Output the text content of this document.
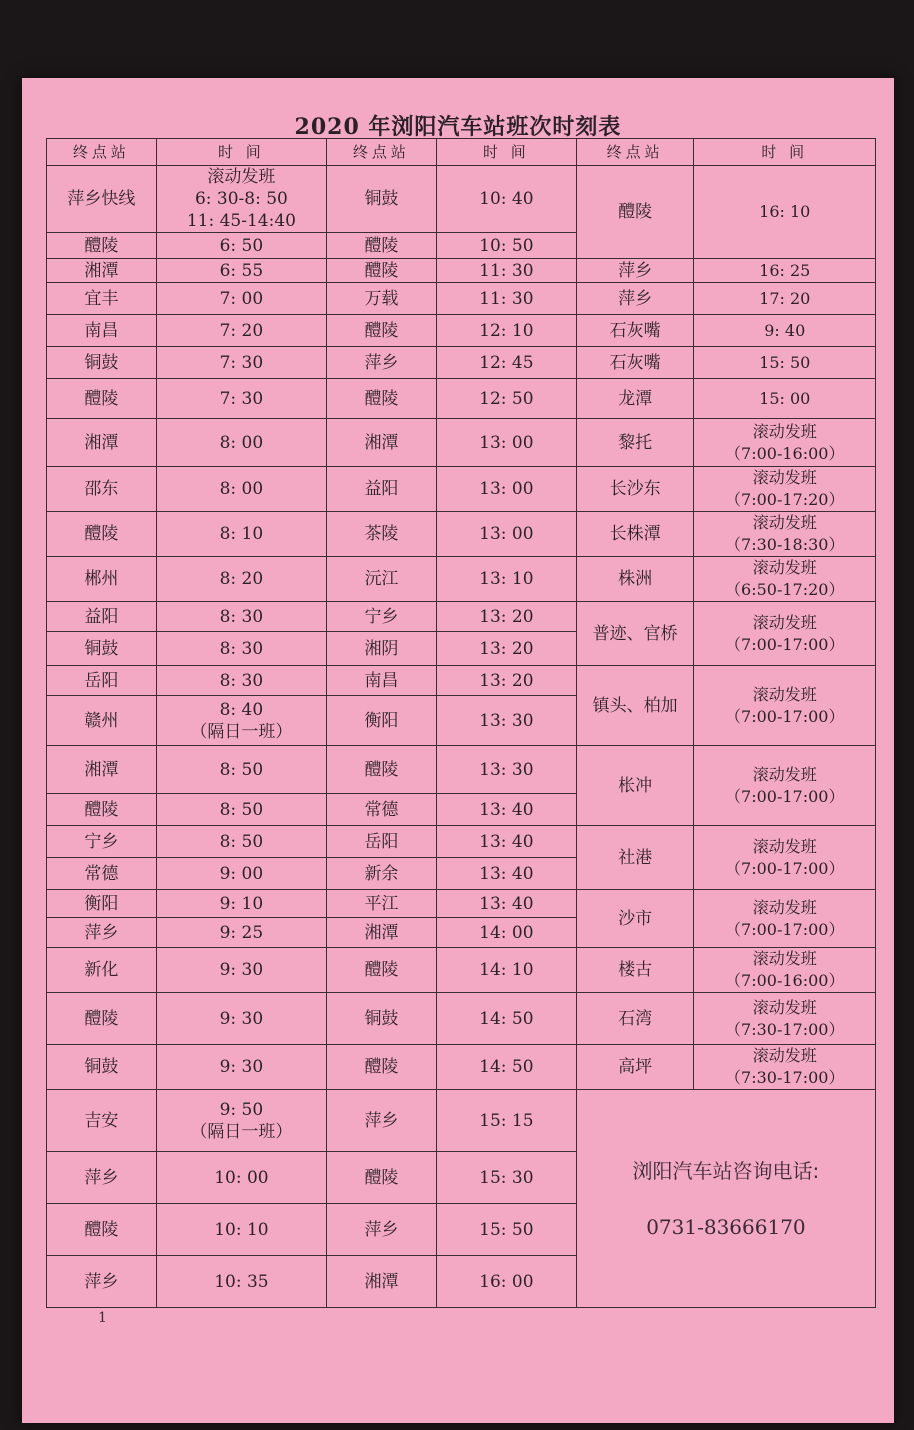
2020 年浏阳汽车站班次时刻表
终点站	时 间	终点站	时 间	终点站	时 间
萍乡快线	滚动发班
6: 30-8: 50
11: 45-14:40	铜鼓	10: 40	醴陵	16: 10
醴陵	6: 50	醴陵	10: 50		
湘潭	6: 55	醴陵	11: 30	萍乡	16: 25
宜丰	7: 00	万载	11: 30	萍乡	17: 20
南昌	7: 20	醴陵	12: 10	石灰嘴	9: 40
铜鼓	7: 30	萍乡	12: 45	石灰嘴	15: 50
醴陵	7: 30	醴陵	12: 50	龙潭	15: 00
湘潭	8: 00	湘潭	13: 00	黎托	滚动发班
（7:00-16:00）
邵东	8: 00	益阳	13: 00	长沙东	滚动发班
（7:00-17:20）
醴陵	8: 10	茶陵	13: 00	长株潭	滚动发班
（7:30-18:30）
郴州	8: 20	沅江	13: 10	株洲	滚动发班
（6:50-17:20）
益阳	8: 30	宁乡	13: 20	普迹、官桥	滚动发班
（7:00-17:00）
铜鼓	8: 30	湘阴	13: 20		
岳阳	8: 30	南昌	13: 20	镇头、柏加	滚动发班
（7:00-17:00）
赣州	8: 40
（隔日一班）	衡阳	13: 30		
湘潭	8: 50	醴陵	13: 30	枨冲	滚动发班
（7:00-17:00）
醴陵	8: 50	常德	13: 40		
宁乡	8: 50	岳阳	13: 40	社港	滚动发班
（7:00-17:00）
常德	9: 00	新余	13: 40		
衡阳	9: 10	平江	13: 40	沙市	滚动发班
（7:00-17:00）
萍乡	9: 25	湘潭	14: 00		
新化	9: 30	醴陵	14: 10	楼古	滚动发班
（7:00-16:00）
醴陵	9: 30	铜鼓	14: 50	石湾	滚动发班
（7:30-17:00）
铜鼓	9: 30	醴陵	14: 50	高坪	滚动发班
（7:30-17:00）
吉安	9: 50
（隔日一班）	萍乡	15: 15	浏阳汽车站咨询电话:
0731-83666170	

萍乡	10: 00	醴陵	15: 30		
醴陵	10: 10	萍乡	15: 50		
萍乡	10: 35	湘潭	16: 00		
1
